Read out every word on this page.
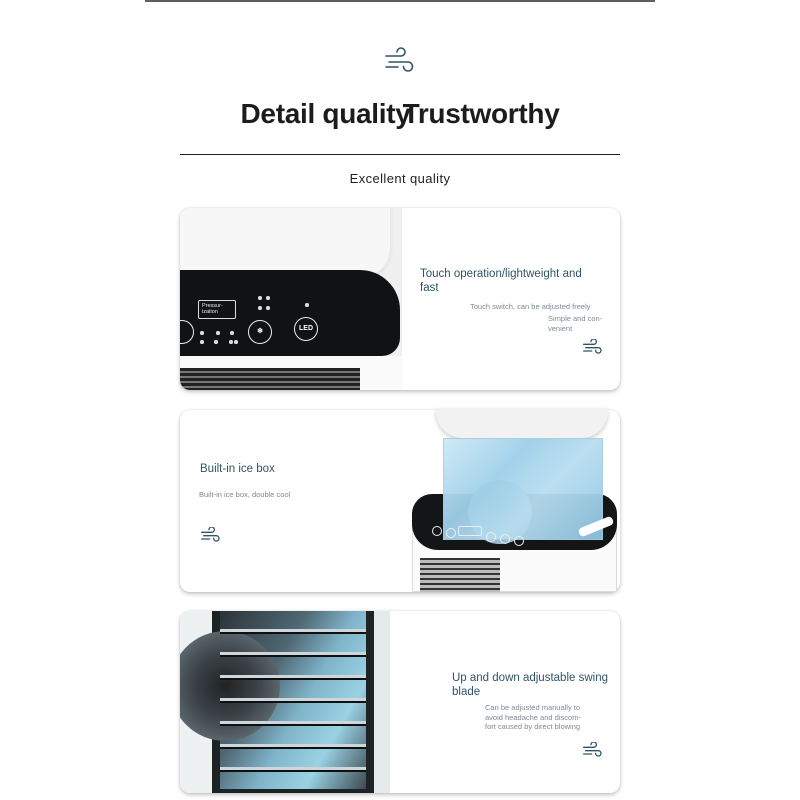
Detail qualityTrustworthy
Excellent quality
Pressur-
ization
❄	LED
Touch operation/lightweight and fast
Touch switch, can be adjusted freely
Simple and con-
venient
Built-in ice box
Built-in ice box, double cool
Up and down adjustable swing
blade
Can be adjusted manually to
avoid headache and discom-
fort caused by direct blowing
